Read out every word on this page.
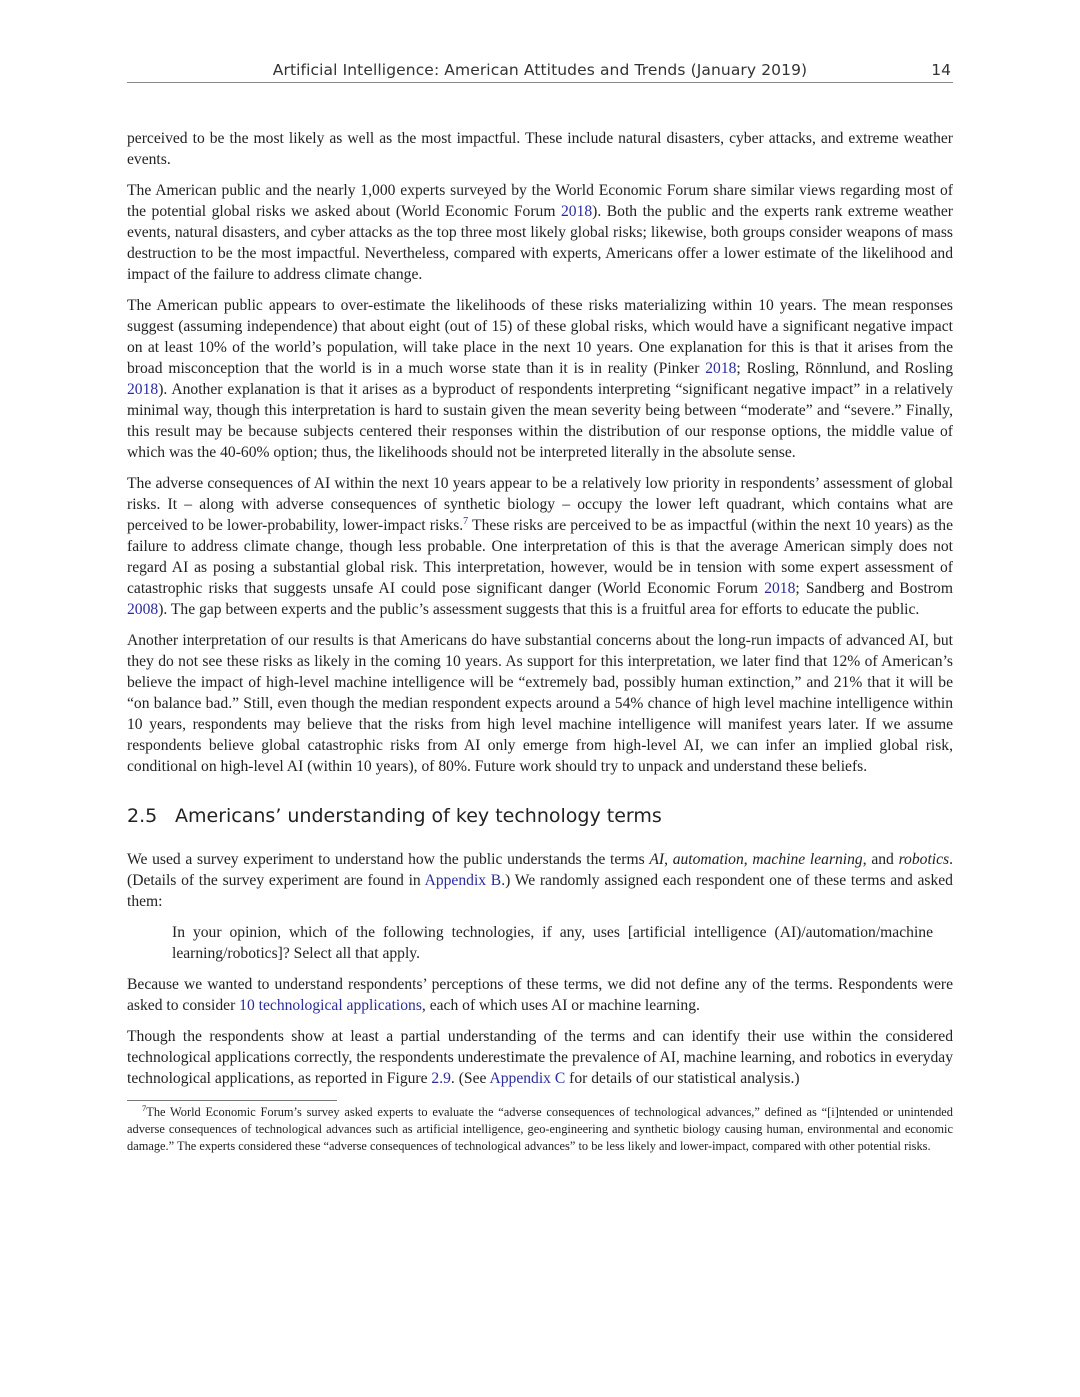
Artificial Intelligence: American Attitudes and Trends (January 2019)	14

perceived to be the most likely as well as the most impactful. These include natural disasters, cyber attacks, and extreme weather events.

The American public and the nearly 1,000 experts surveyed by the World Economic Forum share similar views regarding most of the potential global risks we asked about (World Economic Forum 2018). Both the public and the experts rank extreme weather events, natural disasters, and cyber attacks as the top three most likely global risks; likewise, both groups consider weapons of mass destruction to be the most impactful. Nevertheless, compared with experts, Americans offer a lower estimate of the likelihood and impact of the failure to address climate change.

The American public appears to over-estimate the likelihoods of these risks materializing within 10 years. The mean responses suggest (assuming independence) that about eight (out of 15) of these global risks, which would have a significant negative impact on at least 10% of the world’s population, will take place in the next 10 years. One explanation for this is that it arises from the broad misconception that the world is in a much worse state than it is in reality (Pinker 2018; Rosling, Rönnlund, and Rosling 2018). Another explanation is that it arises as a byproduct of respondents interpreting “significant negative impact” in a relatively minimal way, though this interpretation is hard to sustain given the mean severity being between “moderate” and “severe.” Finally, this result may be because subjects centered their responses within the distribution of our response options, the middle value of which was the 40-60% option; thus, the likelihoods should not be interpreted literally in the absolute sense.

The adverse consequences of AI within the next 10 years appear to be a relatively low priority in respondents’ assessment of global risks. It – along with adverse consequences of synthetic biology – occupy the lower left quadrant, which contains what are perceived to be lower-probability, lower-impact risks.$^7$ These risks are perceived to be as impactful (within the next 10 years) as the failure to address climate change, though less probable. One interpretation of this is that the average American simply does not regard AI as posing a substantial global risk. This interpretation, however, would be in tension with some expert assessment of catastrophic risks that suggests unsafe AI could pose significant danger (World Economic Forum 2018; Sandberg and Bostrom 2008). The gap between experts and the public’s assessment suggests that this is a fruitful area for efforts to educate the public.

Another interpretation of our results is that Americans do have substantial concerns about the long-run impacts of advanced AI, but they do not see these risks as likely in the coming 10 years. As support for this interpretation, we later find that 12% of American’s believe the impact of high-level machine intelligence will be “extremely bad, possibly human extinction,” and 21% that it will be “on balance bad.” Still, even though the median respondent expects around a 54% chance of high level machine intelligence within 10 years, respondents may believe that the risks from high level machine intelligence will manifest years later. If we assume respondents believe global catastrophic risks from AI only emerge from high-level AI, we can infer an implied global risk, conditional on high-level AI (within 10 years), of 80%. Future work should try to unpack and understand these beliefs.

2.5 Americans’ understanding of key technology terms

We used a survey experiment to understand how the public understands the terms AI, automation, machine learning, and robotics. (Details of the survey experiment are found in Appendix B.) We randomly assigned each respondent one of these terms and asked them:

In your opinion, which of the following technologies, if any, uses [artificial intelligence (AI)/automation/machine learning/robotics]? Select all that apply.

Because we wanted to understand respondents’ perceptions of these terms, we did not define any of the terms. Respondents were asked to consider 10 technological applications, each of which uses AI or machine learning.

Though the respondents show at least a partial understanding of the terms and can identify their use within the considered technological applications correctly, the respondents underestimate the prevalence of AI, machine learning, and robotics in everyday technological applications, as reported in Figure 2.9. (See Appendix C for details of our statistical analysis.)

$^7$The World Economic Forum’s survey asked experts to evaluate the “adverse consequences of technological advances,” defined as “[i]ntended or unintended adverse consequences of technological advances such as artificial intelligence, geo-engineering and synthetic biology causing human, environmental and economic damage.” The experts considered these “adverse consequences of technological advances” to be less likely and lower-impact, compared with other potential risks.
